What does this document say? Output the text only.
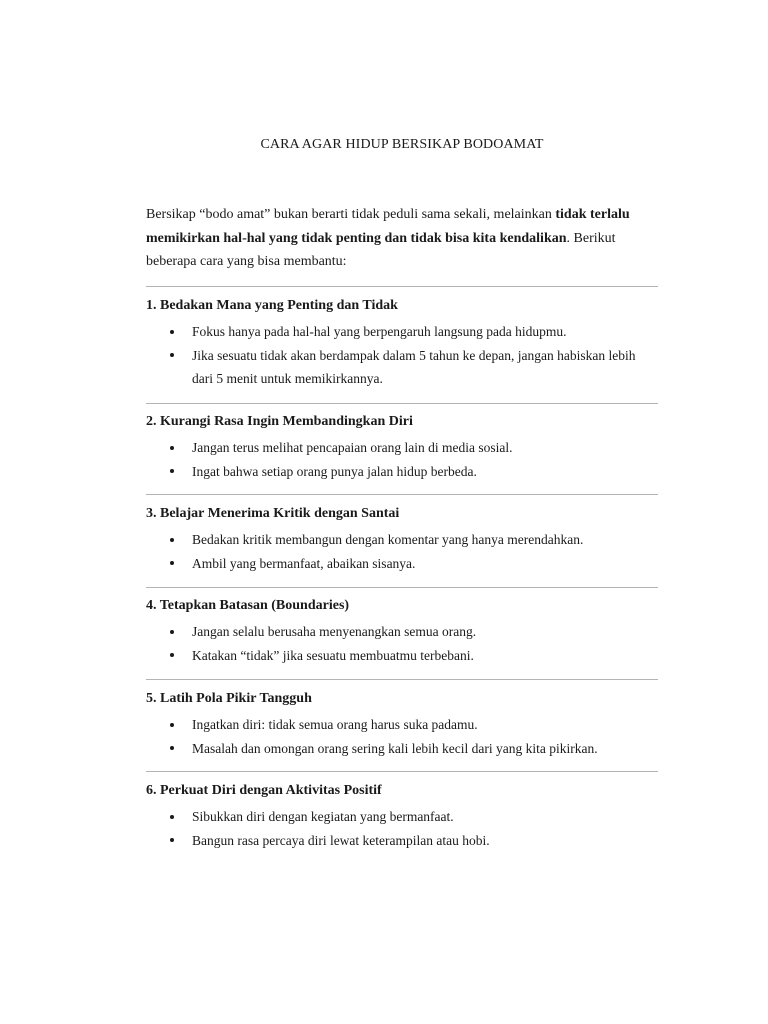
CARA AGAR HIDUP BERSIKAP BODOAMAT

Bersikap “bodo amat” bukan berarti tidak peduli sama sekali, melainkan tidak terlalu memikirkan hal-hal yang tidak penting dan tidak bisa kita kendalikan. Berikut beberapa cara yang bisa membantu:

1. Bedakan Mana yang Penting dan Tidak
Fokus hanya pada hal-hal yang berpengaruh langsung pada hidupmu.
Jika sesuatu tidak akan berdampak dalam 5 tahun ke depan, jangan habiskan lebih dari 5 menit untuk memikirkannya.
2. Kurangi Rasa Ingin Membandingkan Diri
Jangan terus melihat pencapaian orang lain di media sosial.
Ingat bahwa setiap orang punya jalan hidup berbeda.
3. Belajar Menerima Kritik dengan Santai
Bedakan kritik membangun dengan komentar yang hanya merendahkan.
Ambil yang bermanfaat, abaikan sisanya.
4. Tetapkan Batasan (Boundaries)
Jangan selalu berusaha menyenangkan semua orang.
Katakan “tidak” jika sesuatu membuatmu terbebani.
5. Latih Pola Pikir Tangguh
Ingatkan diri: tidak semua orang harus suka padamu.
Masalah dan omongan orang sering kali lebih kecil dari yang kita pikirkan.
6. Perkuat Diri dengan Aktivitas Positif
Sibukkan diri dengan kegiatan yang bermanfaat.
Bangun rasa percaya diri lewat keterampilan atau hobi.
